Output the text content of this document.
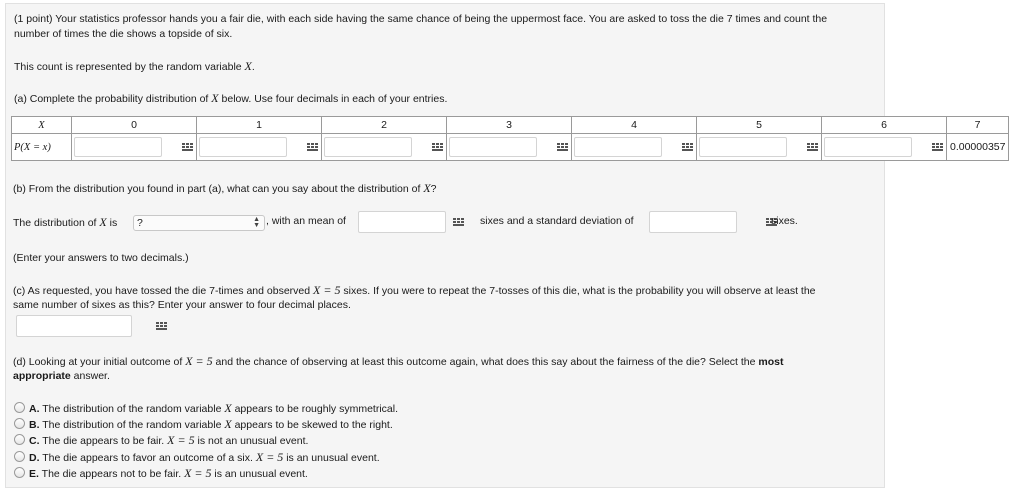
(1 point) Your statistics professor hands you a fair die, with each side having the same chance of being the uppermost face. You are asked to toss the die 7 times and count the
number of times the die shows a topside of six.
This count is represented by the random variable X.
(a) Complete the probability distribution of X below. Use four decimals in each of your entries.
X	0	1	2	3	4	5	6	7
P(X = x)								0.00000357
(b) From the distribution you found in part (a), what can you say about the distribution of X?
The distribution of X is	?	▲
▼ , with an mean of
	sixes and a standard deviation of
	sixes.
(Enter your answers to two decimals.)
(c) As requested, you have tossed the die 7-times and observed X = 5 sixes. If you were to repeat the 7-tosses of this die, what is the probability you will observe at least the
same number of sixes as this? Enter your answer to four decimal places.
(d) Looking at your initial outcome of X = 5 and the chance of observing at least this outcome again, what does this say about the fairness of the die? Select the most
appropriate answer.
A. The distribution of the random variable X appears to be roughly symmetrical.
B. The distribution of the random variable X appears to be skewed to the right.
C. The die appears to be fair. X = 5 is not an unusual event.
D. The die appears to favor an outcome of a six. X = 5 is an unusual event.
E. The die appears not to be fair. X = 5 is an unusual event.
